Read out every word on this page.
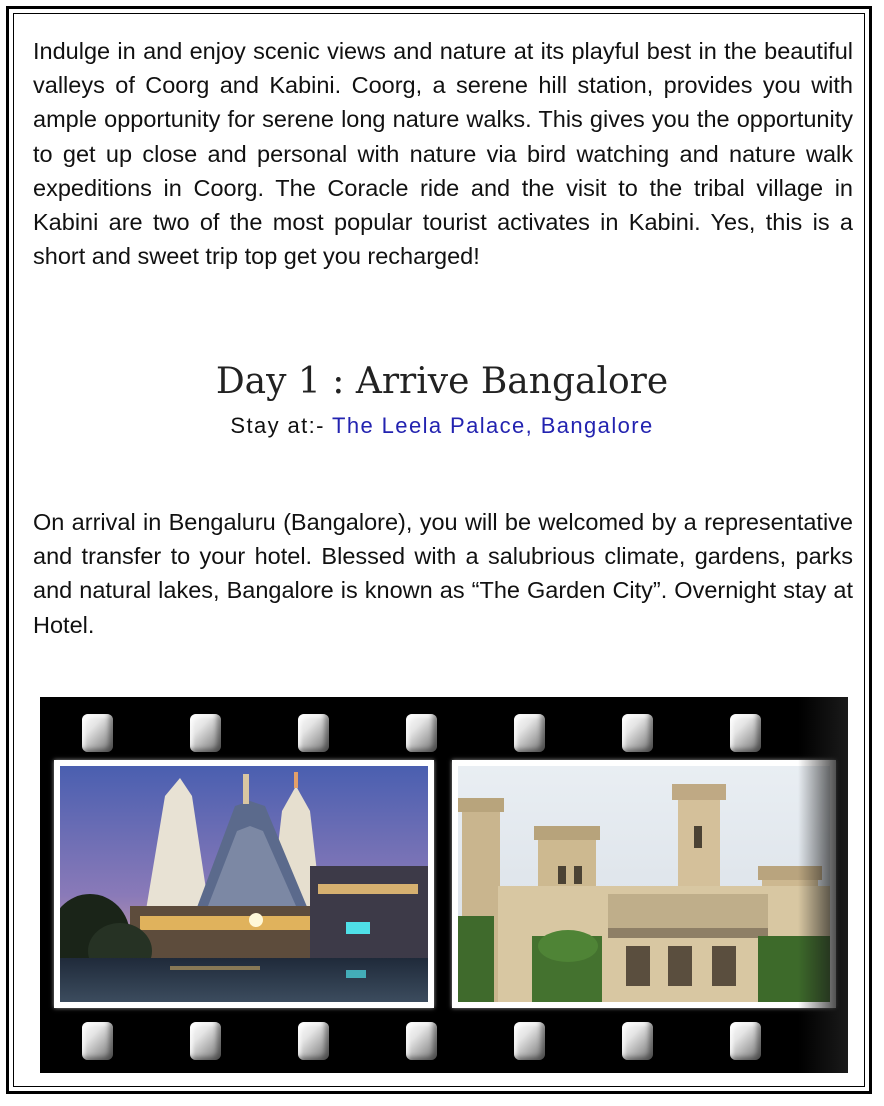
Indulge in and enjoy scenic views and nature at its playful best in the beautiful valleys of Coorg and Kabini. Coorg, a serene hill station, provides you with ample opportunity for serene long nature walks. This gives you the opportunity to get up close and personal with nature via bird watching and nature walk expeditions in Coorg. The Coracle ride and the visit to the tribal village in Kabini are two of the most popular tourist activates in Kabini. Yes, this is a short and sweet trip top get you recharged!

Day 1 : Arrive Bangalore
Stay at:- The Leela Palace, Bangalore

On arrival in Bengaluru (Bangalore), you will be welcomed by a representative and transfer to your hotel. Blessed with a salubrious climate, gardens, parks and natural lakes, Bangalore is known as “The Garden City”. Overnight stay at Hotel.
